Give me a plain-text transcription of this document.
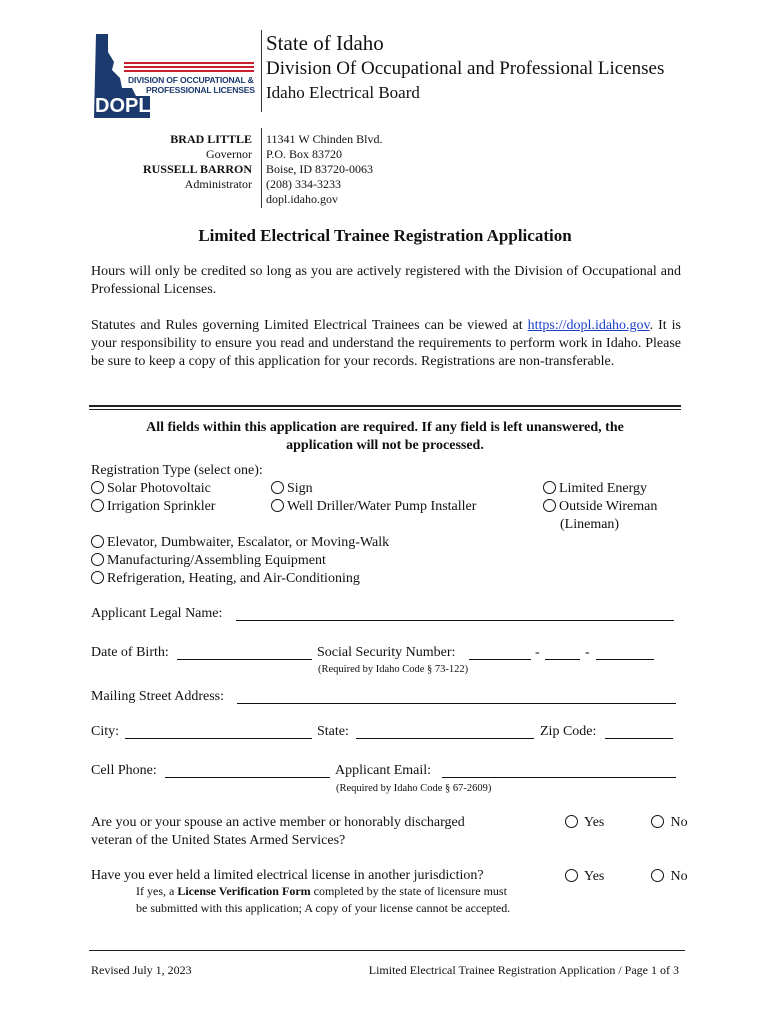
DIVISION OF OCCUPATIONAL &
PROFESSIONAL LICENSES
DOPL
State of Idaho
Division Of Occupational and Professional Licenses
Idaho Electrical Board
BRAD LITTLE
Governor
RUSSELL BARRON
Administrator
11341 W Chinden Blvd.
P.O. Box 83720
Boise, ID 83720-0063
(208) 334-3233
dopl.idaho.gov
Limited Electrical Trainee Registration Application
Hours will only be credited so long as you are actively registered with the Division of Occupational and Professional Licenses.
Statutes and Rules governing Limited Electrical Trainees can be viewed at https://dopl.idaho.gov. It is your responsibility to ensure you read and understand the requirements to perform work in Idaho. Please be sure to keep a copy of this application for your records. Registrations are non-transferable.
All fields within this application are required. If any field is left unanswered, the
application will not be processed.
Registration Type (select one):
Solar Photovoltaic	Sign	Limited Energy
Irrigation Sprinkler	Well Driller/Water Pump Installer	Outside Wireman
(Lineman)
Elevator, Dumbwaiter, Escalator, or Moving-Walk
Manufacturing/Assembling Equipment
Refrigeration, Heating, and Air-Conditioning
Applicant Legal Name:
Date of Birth:	Social Security Number:	-	-
(Required by Idaho Code § 73-122)
Mailing Street Address:
City:	State:	Zip Code:
Cell Phone:	Applicant Email:
(Required by Idaho Code § 67-2609)
Are you or your spouse an active member or honorably discharged
veteran of the United States Armed Services?
Yes	No
Have you ever held a limited electrical license in another jurisdiction?	Yes	No
If yes, a License Verification Form completed by the state of licensure must
be submitted with this application; A copy of your license cannot be accepted.
Revised July 1, 2023	Limited Electrical Trainee Registration Application / Page 1 of 3
